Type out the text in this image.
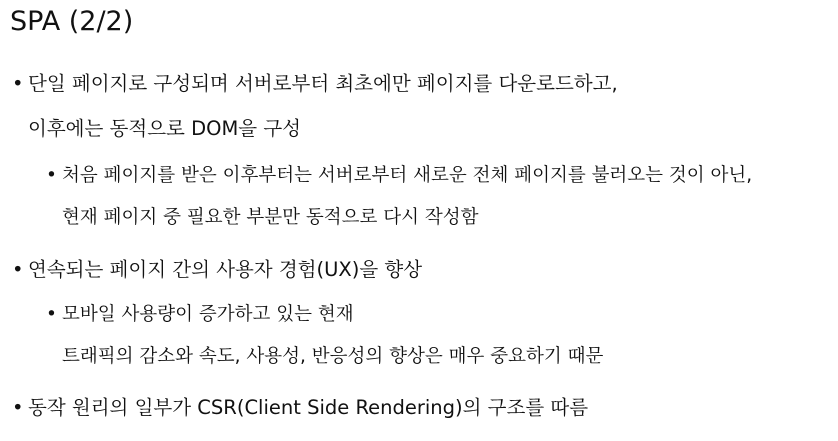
SPA (2/2)
• 단일 페이지로 구성되며 서버로부터 최초에만 페이지를 다운로드하고,
이후에는 동적으로 DOM을 구성
• 처음 페이지를 받은 이후부터는 서버로부터 새로운 전체 페이지를 불러오는 것이 아닌,
현재 페이지 중 필요한 부분만 동적으로 다시 작성함
• 연속되는 페이지 간의 사용자 경험(UX)을 향상
• 모바일 사용량이 증가하고 있는 현재
트래픽의 감소와 속도, 사용성, 반응성의 향상은 매우 중요하기 때문
• 동작 원리의 일부가 CSR(Client Side Rendering)의 구조를 따름
